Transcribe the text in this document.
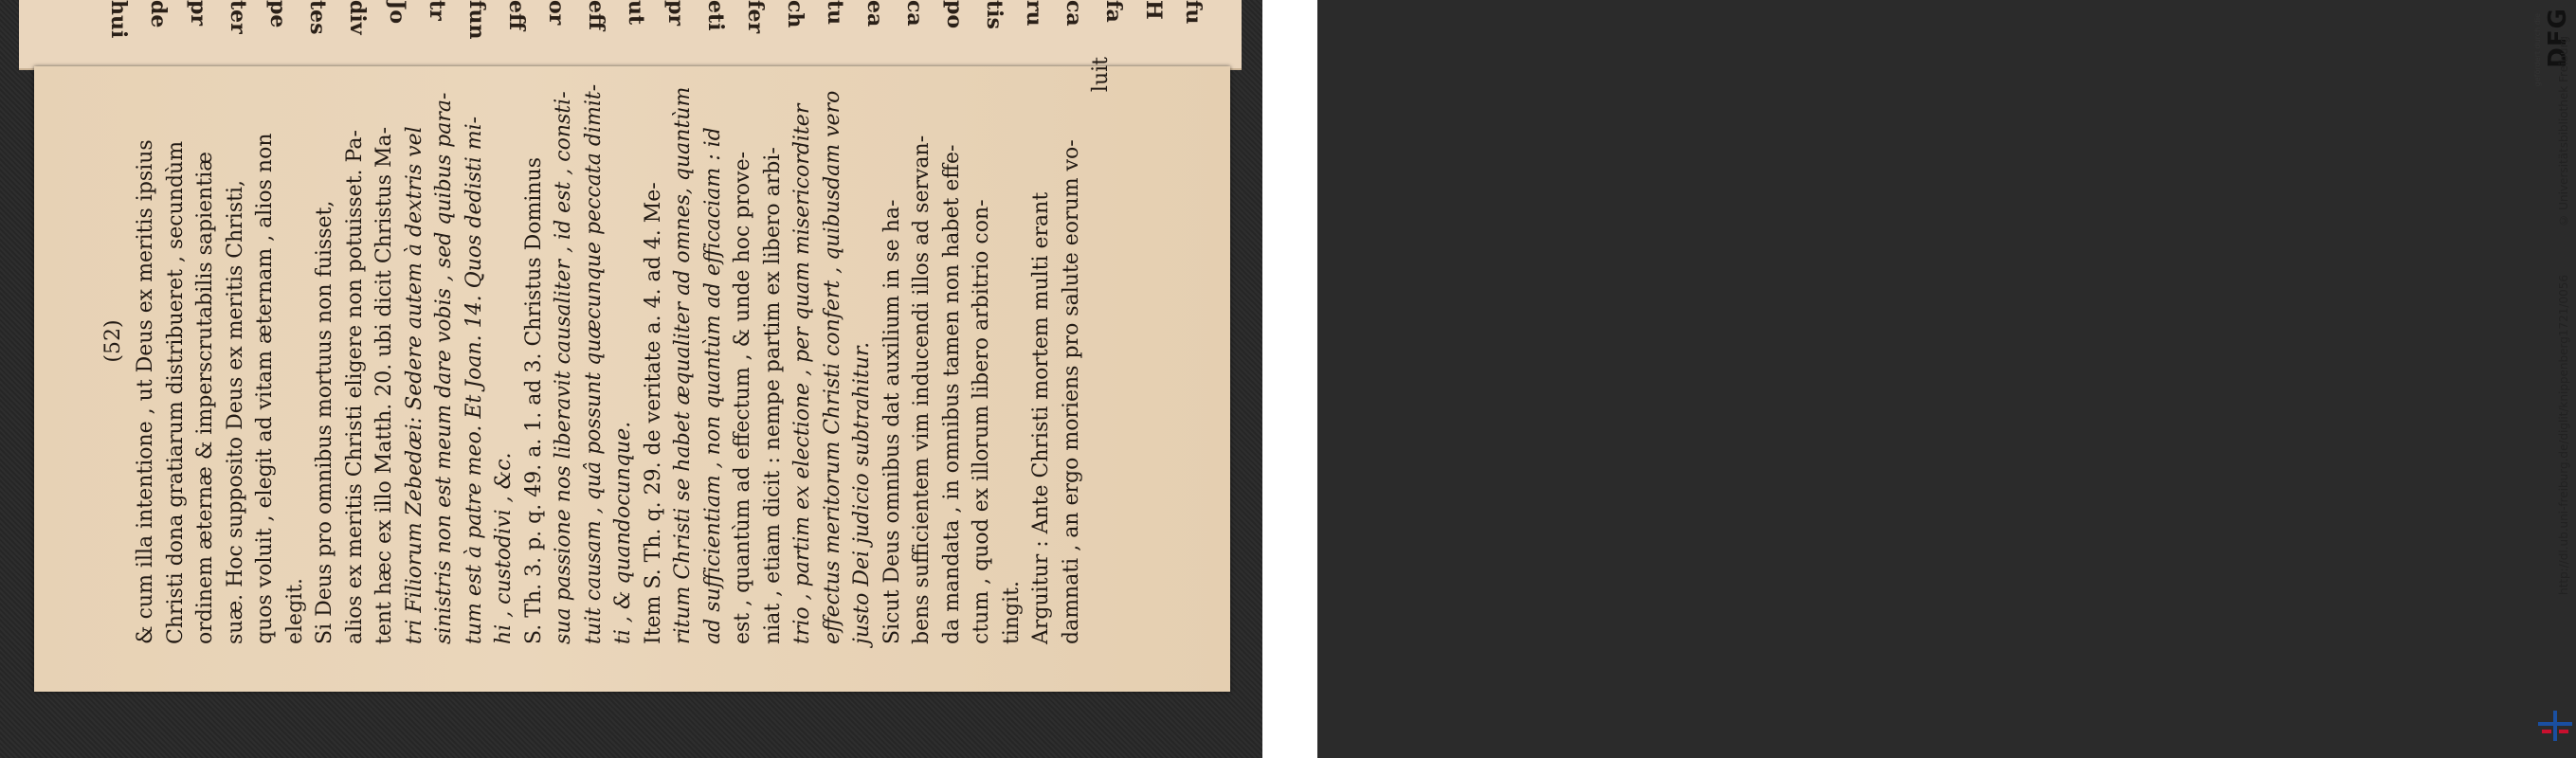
hui de pr ter pe tes div Jo tr fun eff or eff ut pr eti fer ch tu ea ca po tis ru ca fa H fu
(52) & cum illa intentione , ut Deus ex meritis ipsius Christi dona gratiarum distribueret , secundùm ordinem æternæ & imperscrutabilis sapientiæ suæ. Hoc supposito Deus ex meritis Christi, quos voluit , elegit ad vitam æternam , alios non elegit. Si Deus pro omnibus mortuus non fuisset, alios ex meritis Christi eligere non potuisset. Pa- tent hæc ex illo Matth. 20. ubi dicit Christus Ma- tri Filiorum Zebedæi: Sedere autem à dextris vel sinistris non est meum dare vobis , sed quibus para- tum est à patre meo. Et Joan. 14. Quos dedisti mi- hi , custodivi , &c. S. Th. 3. p. q. 49. a. 1. ad 3. Christus Dominus sua passione nos liberavit causaliter , id est , consti- tuit causam , quâ possunt quæcunque peccata dimit- ti , & quandocunque. Item S. Th. q. 29. de veritate a. 4. ad 4. Me- ritum Christi se habet æqualiter ad omnes, quantùm ad sufficientiam , non quantùm ad efficaciam : id est , quantùm ad effectum , & unde hoc prove- niat , etiam dicit : nempe partim ex libero arbi- trio , partim ex electione , per quam misericorditer effectus meritorum Christi confert , quibusdam vero justo Dei judicio subtrahitur. Sicut Deus omnibus dat auxilium in se ha- bens sufficientem vim inducendi illos ad servan- da mandata , in omnibus tamen non habet effe- ctum , quod ex illorum libero arbitrio con- tingit. Arguitur : Ante Christi mortem multi erant damnati , an ergo moriens pro salute eorum vo-
luit	gefördert durch die DFG
http://dl.ub.uni-freiburg.de/diglit/knippenberg1721/0056
© Universitätsbibliothek Freiburg
